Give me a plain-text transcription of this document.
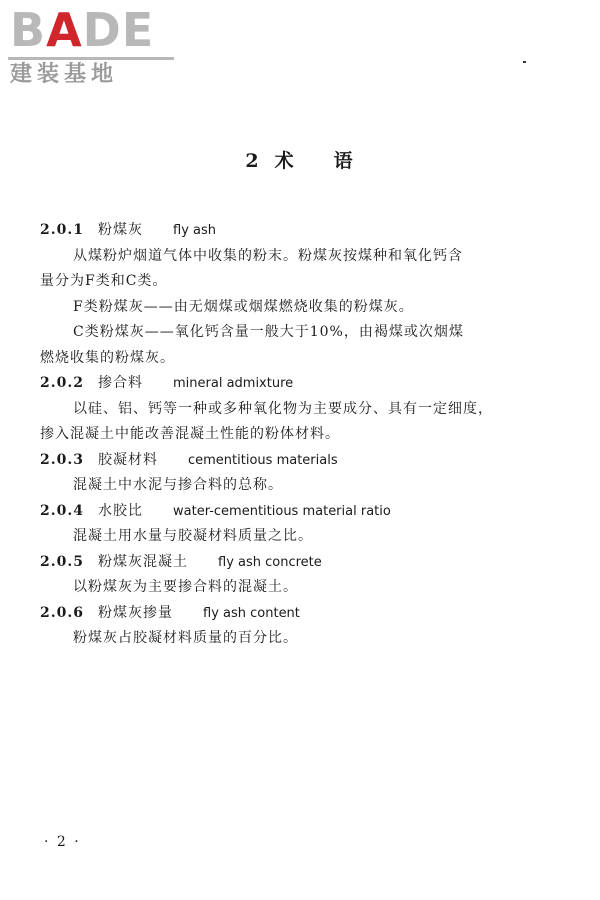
BADE
建装基地
2 术 语
2.0.1 粉煤灰 fly ash
从煤粉炉烟道气体中收集的粉末。粉煤灰按煤种和氧化钙含
量分为F类和C类。
F类粉煤灰——由无烟煤或烟煤燃烧收集的粉煤灰。
C类粉煤灰——氧化钙含量一般大于10%，由褐煤或次烟煤
燃烧收集的粉煤灰。
2.0.2 掺合料 mineral admixture
以硅、铝、钙等一种或多种氧化物为主要成分、具有一定细度，
掺入混凝土中能改善混凝土性能的粉体材料。
2.0.3 胶凝材料 cementitious materials
混凝土中水泥与掺合料的总称。
2.0.4 水胶比 water-cementitious material ratio
混凝土用水量与胶凝材料质量之比。
2.0.5 粉煤灰混凝土 fly ash concrete
以粉煤灰为主要掺合料的混凝土。
2.0.6 粉煤灰掺量 fly ash content
粉煤灰占胶凝材料质量的百分比。
· 2 ·
